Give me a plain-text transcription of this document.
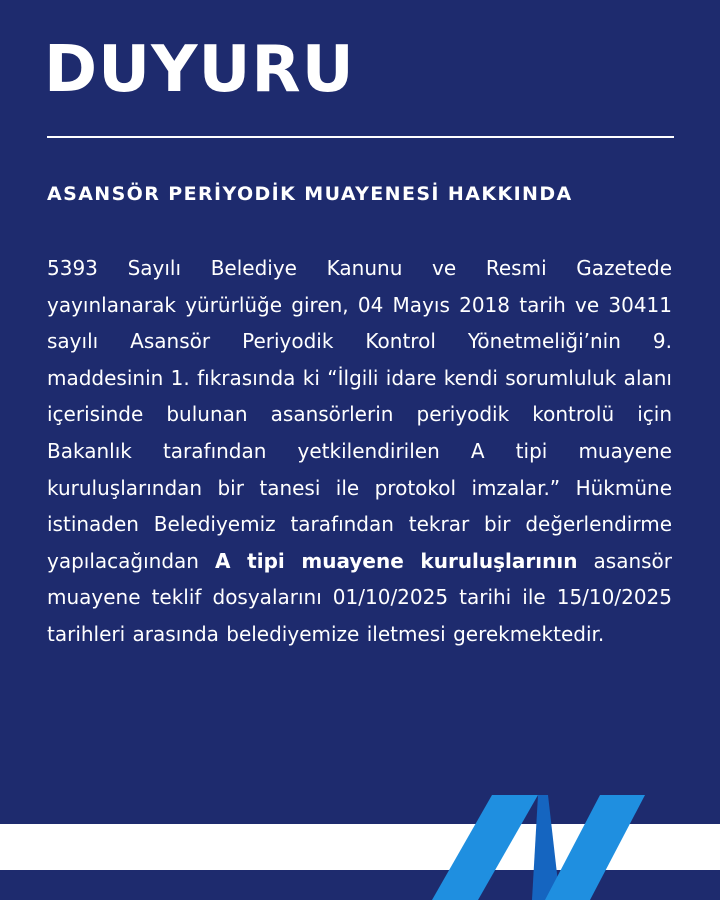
DUYURU
ASANSÖR PERİYODİK MUAYENESİ HAKKINDA

5393 Sayılı Belediye Kanunu ve Resmi Gazetede yayınlanarak yürürlüğe giren, 04 Mayıs 2018 tarih ve 30411 sayılı Asansör Periyodik Kontrol Yönetmeliği’nin 9. maddesinin 1. fıkrasında ki “İlgili idare kendi sorumluluk alanı içerisinde bulunan asansörlerin periyodik kontrolü için Bakanlık tarafından yetkilendirilen A tipi muayene kuruluşlarından bir tanesi ile protokol imzalar.” Hükmüne istinaden Belediyemiz tarafından tekrar bir değerlendirme yapılacağından A tipi muayene kuruluşlarının asansör muayene teklif dosyalarını 01/10/2025 tarihi ile 15/10/2025 tarihleri arasında belediyemize iletmesi gerekmektedir.
